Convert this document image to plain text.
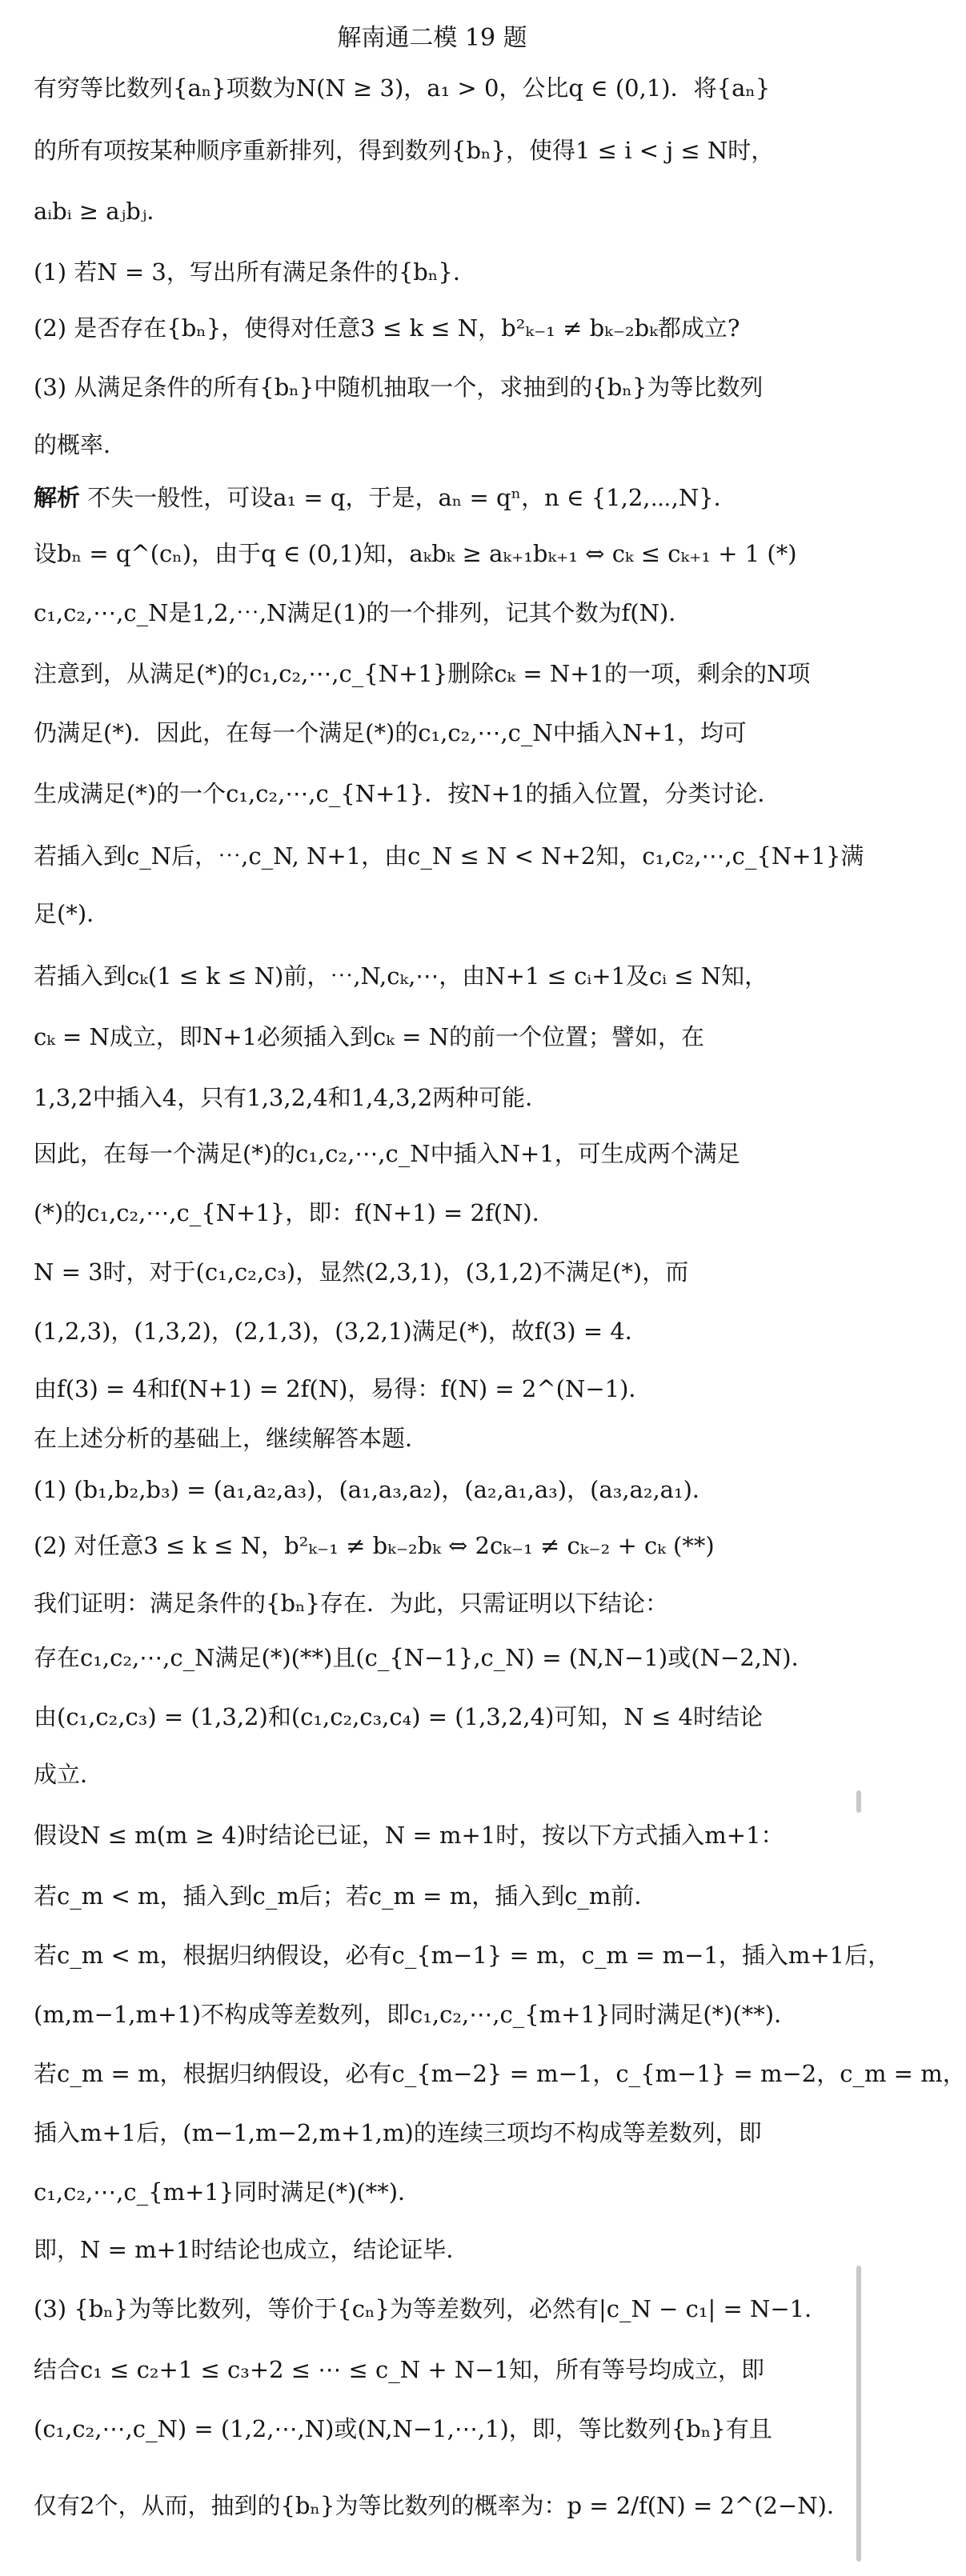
解南通二模 19 题
有穷等比数列{aₙ}项数为N(N ≥ 3)，a₁ > 0，公比q ∈ (0,1)．将{aₙ}
的所有项按某种顺序重新排列，得到数列{bₙ}，使得1 ≤ i < j ≤ N时，
aᵢbᵢ ≥ aⱼbⱼ．
(1) 若N = 3，写出所有满足条件的{bₙ}．
(2) 是否存在{bₙ}，使得对任意3 ≤ k ≤ N，b²ₖ₋₁ ≠ bₖ₋₂bₖ都成立?
(3) 从满足条件的所有{bₙ}中随机抽取一个，求抽到的{bₙ}为等比数列
的概率．
解析 不失一般性，可设a₁ = q，于是，aₙ = qⁿ，n ∈ {1,2,⋯,N}．
设bₙ = q^(cₙ)，由于q ∈ (0,1)知，aₖbₖ ≥ aₖ₊₁bₖ₊₁ ⇔ cₖ ≤ cₖ₊₁ + 1 (*)
c₁,c₂,⋯,c_N是1,2,⋯,N满足(1)的一个排列，记其个数为f(N)．
注意到，从满足(*)的c₁,c₂,⋯,c_{N+1}删除cₖ = N+1的一项，剩余的N项
仍满足(*)．因此，在每一个满足(*)的c₁,c₂,⋯,c_N中插入N+1，均可
生成满足(*)的一个c₁,c₂,⋯,c_{N+1}．按N+1的插入位置，分类讨论．
若插入到c_N后，⋯,c_N, N+1，由c_N ≤ N < N+2知，c₁,c₂,⋯,c_{N+1}满
足(*)．
若插入到cₖ(1 ≤ k ≤ N)前，⋯,N,cₖ,⋯，由N+1 ≤ cᵢ+1及cᵢ ≤ N知，
cₖ = N成立，即N+1必须插入到cₖ = N的前一个位置；譬如，在
1,3,2中插入4，只有1,3,2,4和1,4,3,2两种可能．
因此，在每一个满足(*)的c₁,c₂,⋯,c_N中插入N+1，可生成两个满足
(*)的c₁,c₂,⋯,c_{N+1}，即：f(N+1) = 2f(N)．
N = 3时，对于(c₁,c₂,c₃)，显然(2,3,1)，(3,1,2)不满足(*)，而
(1,2,3)，(1,3,2)，(2,1,3)，(3,2,1)满足(*)，故f(3) = 4．
由f(3) = 4和f(N+1) = 2f(N)，易得：f(N) = 2^(N−1)．
在上述分析的基础上，继续解答本题．
(1) (b₁,b₂,b₃) = (a₁,a₂,a₃)，(a₁,a₃,a₂)，(a₂,a₁,a₃)，(a₃,a₂,a₁)．
(2) 对任意3 ≤ k ≤ N，b²ₖ₋₁ ≠ bₖ₋₂bₖ ⇔ 2cₖ₋₁ ≠ cₖ₋₂ + cₖ (**)
我们证明：满足条件的{bₙ}存在．为此，只需证明以下结论：
存在c₁,c₂,⋯,c_N满足(*)(**)且(c_{N−1},c_N) = (N,N−1)或(N−2,N)．
由(c₁,c₂,c₃) = (1,3,2)和(c₁,c₂,c₃,c₄) = (1,3,2,4)可知，N ≤ 4时结论
成立．
假设N ≤ m(m ≥ 4)时结论已证，N = m+1时，按以下方式插入m+1：
若c_m < m，插入到c_m后；若c_m = m，插入到c_m前．
若c_m < m，根据归纳假设，必有c_{m−1} = m，c_m = m−1，插入m+1后，
(m,m−1,m+1)不构成等差数列，即c₁,c₂,⋯,c_{m+1}同时满足(*)(**)．
若c_m = m，根据归纳假设，必有c_{m−2} = m−1，c_{m−1} = m−2，c_m = m，
插入m+1后，(m−1,m−2,m+1,m)的连续三项均不构成等差数列，即
c₁,c₂,⋯,c_{m+1}同时满足(*)(**)．
即，N = m+1时结论也成立，结论证毕．
(3) {bₙ}为等比数列，等价于{cₙ}为等差数列，必然有|c_N − c₁| = N−1．
结合c₁ ≤ c₂+1 ≤ c₃+2 ≤ ⋯ ≤ c_N + N−1知，所有等号均成立，即
(c₁,c₂,⋯,c_N) = (1,2,⋯,N)或(N,N−1,⋯,1)，即，等比数列{bₙ}有且
仅有2个，从而，抽到的{bₙ}为等比数列的概率为：p = 2/f(N) = 2^(2−N)．
